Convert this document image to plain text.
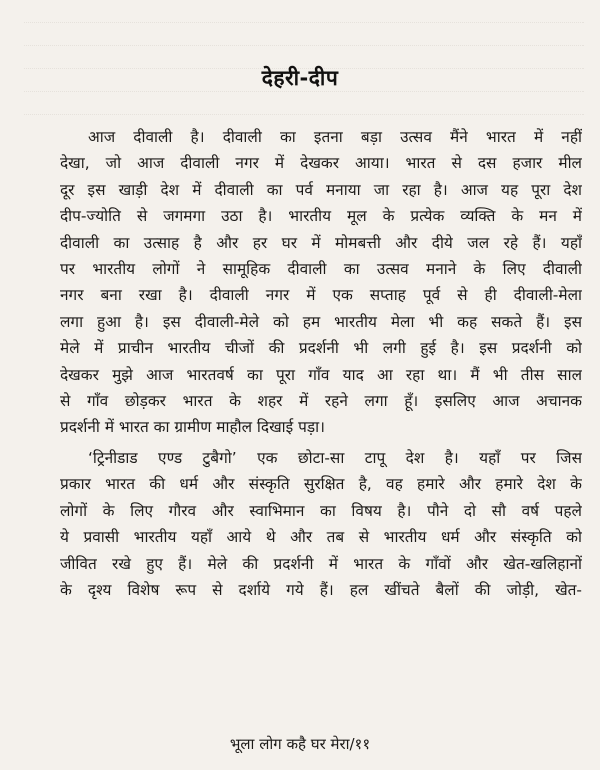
देहरी-दीप

आज दीवाली है। दीवाली का इतना बड़ा उत्सव मैंने भारत में नहीं
देखा, जो आज दीवाली नगर में देखकर आया। भारत से दस हजार मील
दूर इस खाड़ी देश में दीवाली का पर्व मनाया जा रहा है। आज यह पूरा देश
दीप-ज्योति से जगमगा उठा है। भारतीय मूल के प्रत्येक व्यक्ति के मन में
दीवाली का उत्साह है और हर घर में मोमबत्ती और दीये जल रहे हैं। यहाँ
पर भारतीय लोगों ने सामूहिक दीवाली का उत्सव मनाने के लिए दीवाली
नगर बना रखा है। दीवाली नगर में एक सप्ताह पूर्व से ही दीवाली-मेला
लगा हुआ है। इस दीवाली-मेले को हम भारतीय मेला भी कह सकते हैं। इस
मेले में प्राचीन भारतीय चीजों की प्रदर्शनी भी लगी हुई है। इस प्रदर्शनी को
देखकर मुझे आज भारतवर्ष का पूरा गाँव याद आ रहा था। मैं भी तीस साल
से गाँव छोड़कर भारत के शहर में रहने लगा हूँ। इसलिए आज अचानक
प्रदर्शनी में भारत का ग्रामीण माहौल दिखाई पड़ा।

‘ट्रिनीडाड एण्ड टुबैगो’ एक छोटा-सा टापू देश है। यहाँ पर जिस
प्रकार भारत की धर्म और संस्कृति सुरक्षित है, वह हमारे और हमारे देश के
लोगों के लिए गौरव और स्वाभिमान का विषय है। पौने दो सौ वर्ष पहले
ये प्रवासी भारतीय यहाँ आये थे और तब से भारतीय धर्म और संस्कृति को
जीवित रखे हुए हैं। मेले की प्रदर्शनी में भारत के गाँवों और खेत-खलिहानों
के दृश्य विशेष रूप से दर्शाये गये हैं। हल खींचते बैलों की जोड़ी, खेत-

भूला लोग कहै घर मेरा/११
